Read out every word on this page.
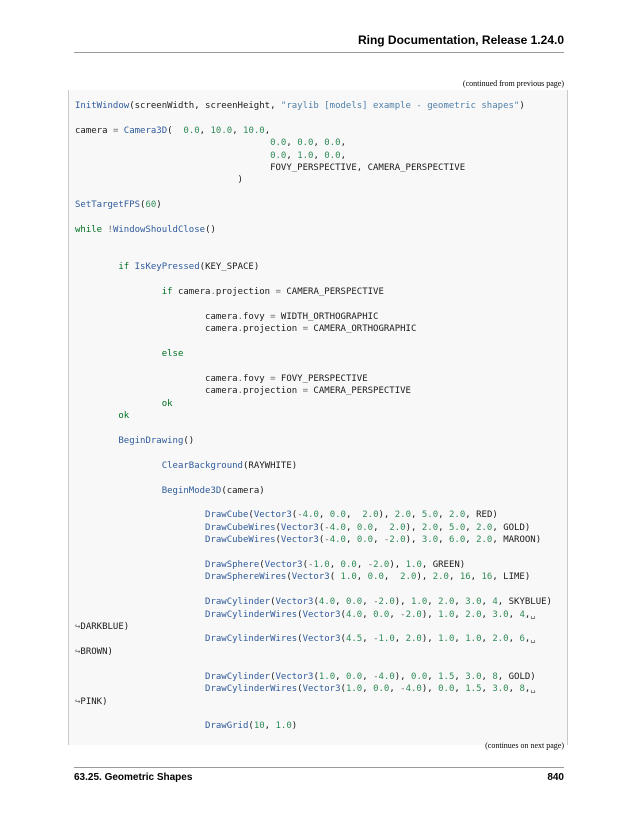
Ring Documentation, Release 1.24.0
(continued from previous page)
InitWindow(screenWidth, screenHeight, "raylib [models] example - geometric shapes")

camera = Camera3D(  0.0, 10.0, 10.0,
0.0, 0.0, 0.0,
0.0, 1.0, 0.0,
FOVY_PERSPECTIVE, CAMERA_PERSPECTIVE
)

SetTargetFPS(60)

while !WindowShouldClose()

if IsKeyPressed(KEY_SPACE)

if camera.projection = CAMERA_PERSPECTIVE

camera.fovy = WIDTH_ORTHOGRAPHIC
camera.projection = CAMERA_ORTHOGRAPHIC

else

camera.fovy = FOVY_PERSPECTIVE
camera.projection = CAMERA_PERSPECTIVE
ok
ok

BeginDrawing()

ClearBackground(RAYWHITE)

BeginMode3D(camera)

DrawCube(Vector3(-4.0, 0.0,  2.0), 2.0, 5.0, 2.0, RED)
DrawCubeWires(Vector3(-4.0, 0.0,  2.0), 2.0, 5.0, 2.0, GOLD)
DrawCubeWires(Vector3(-4.0, 0.0, -2.0), 3.0, 6.0, 2.0, MAROON)

DrawSphere(Vector3(-1.0, 0.0, -2.0), 1.0, GREEN)
DrawSphereWires(Vector3( 1.0, 0.0,  2.0), 2.0, 16, 16, LIME)

DrawCylinder(Vector3(4.0, 0.0, -2.0), 1.0, 2.0, 3.0, 4, SKYBLUE)
DrawCylinderWires(Vector3(4.0, 0.0, -2.0), 1.0, 2.0, 3.0, 4,␣
↪DARKBLUE)
DrawCylinderWires(Vector3(4.5, -1.0, 2.0), 1.0, 1.0, 2.0, 6,␣
↪BROWN)

DrawCylinder(Vector3(1.0, 0.0, -4.0), 0.0, 1.5, 3.0, 8, GOLD)
DrawCylinderWires(Vector3(1.0, 0.0, -4.0), 0.0, 1.5, 3.0, 8,␣
↪PINK)

DrawGrid(10, 1.0)
(continues on next page)
63.25. Geometric Shapes	840
